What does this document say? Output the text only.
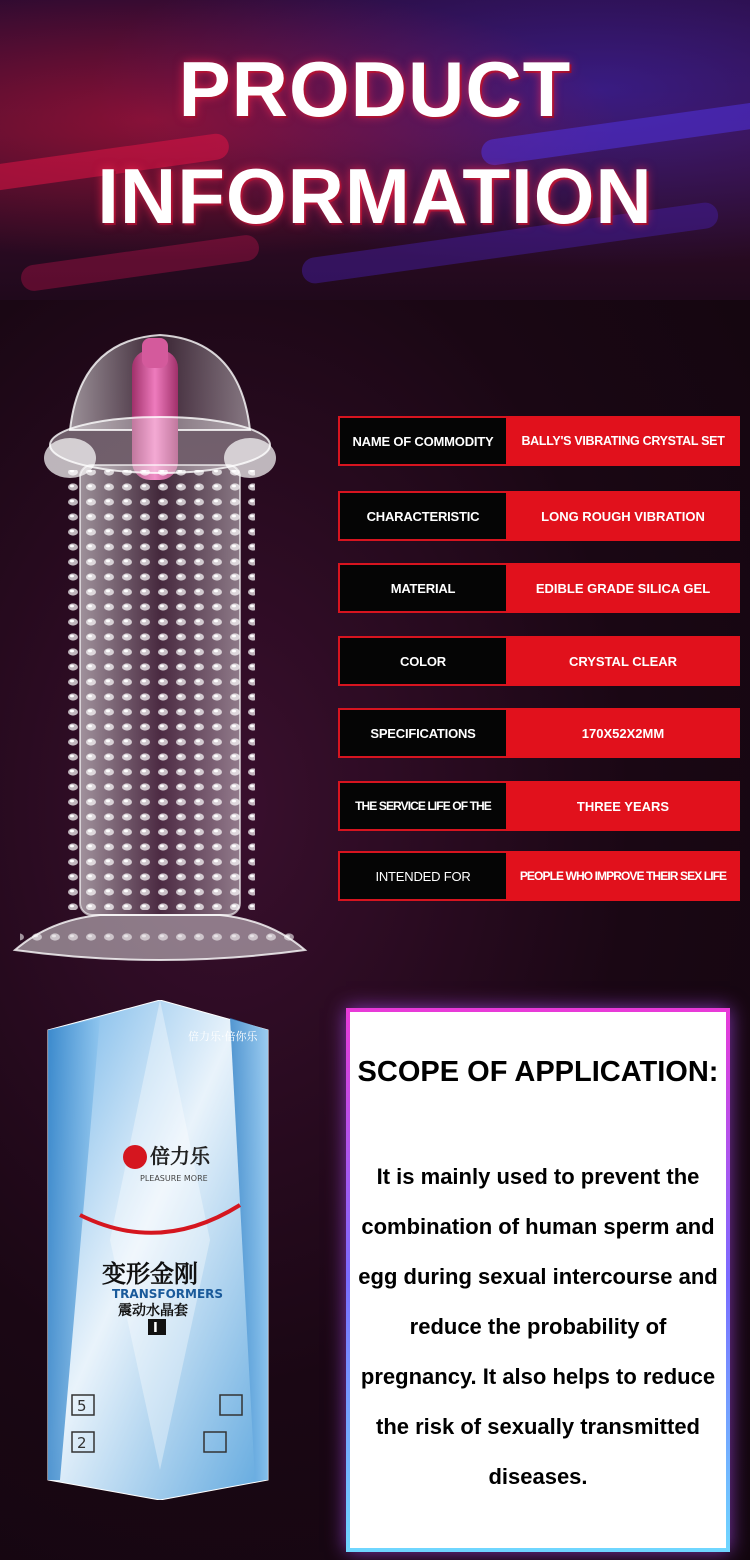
PRODUCT
INFORMATION
NAME OF COMMODITY	BALLY'S VIBRATING CRYSTAL SET
CHARACTERISTIC	LONG ROUGH VIBRATION
MATERIAL	EDIBLE GRADE SILICA GEL
COLOR	CRYSTAL CLEAR
SPECIFICATIONS	170X52X2MM
THE SERVICE LIFE OF THE	THREE YEARS
INTENDED FOR	PEOPLE WHO IMPROVE THEIR SEX LIFE
倍力乐
PLEASURE MORE
倍力乐·倍你乐
变形金刚
TRANSFORMERS
震动水晶套
I
5
2
SCOPE OF APPLICATION:

It is mainly used to prevent the combination of human sperm and egg during sexual intercourse and reduce the probability of pregnancy. It also helps to reduce the risk of sexually transmitted diseases.
